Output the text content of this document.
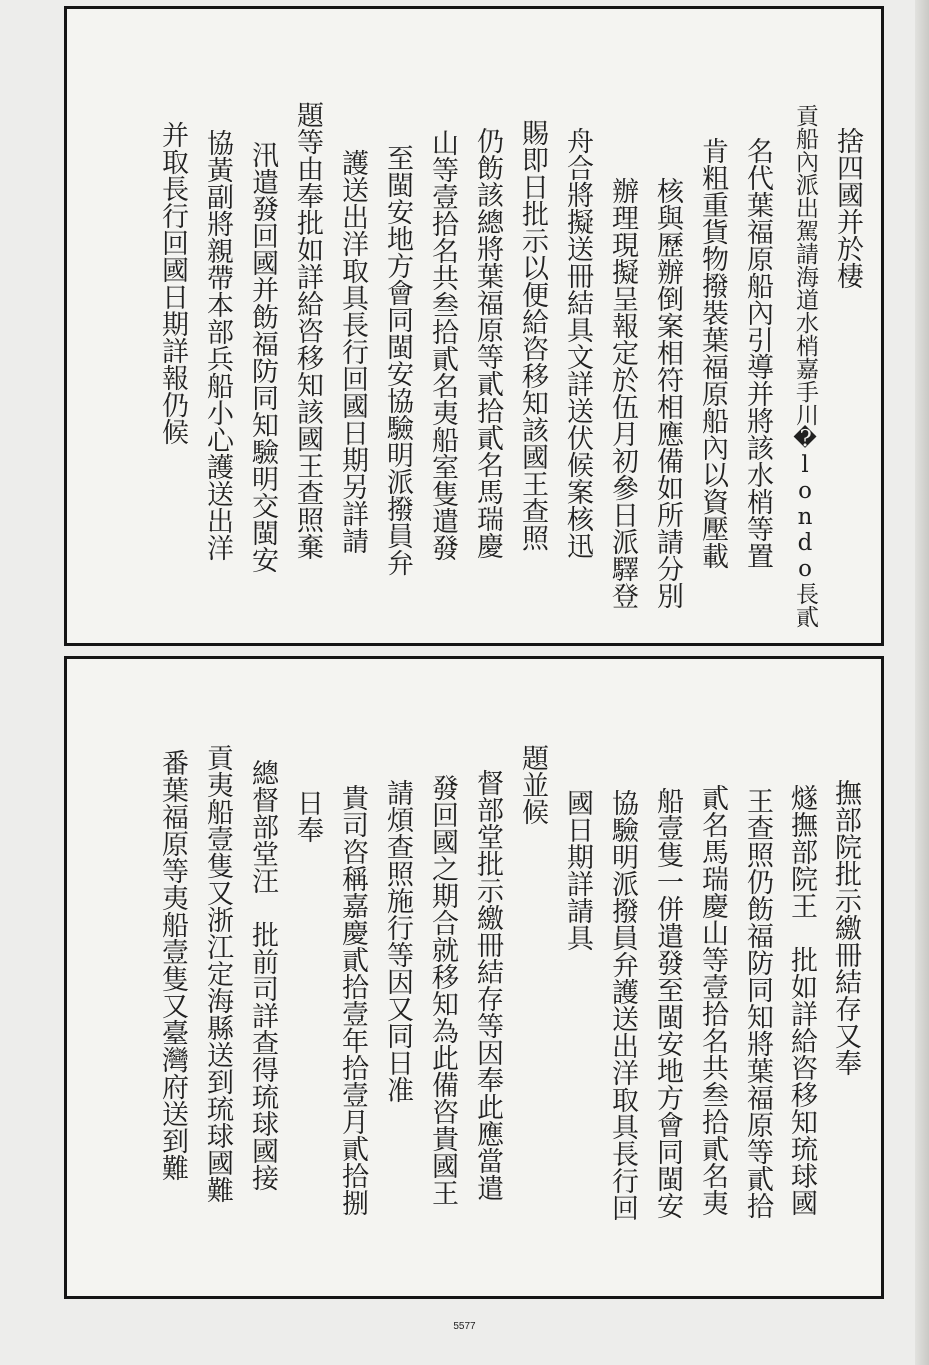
捨四國并於棲
貢船內派出駕請海道水梢嘉手川�londo長貳
名代葉福原船內引導并將該水梢等置
肯粗重貨物撥裝葉福原船內以資壓載
核與歷辦倒案相符相應備如所請分別
辦理現擬呈報定於伍月初參日派驛登
舟合將擬送冊結具文詳送伏候案核迅
賜即日批示以便給咨移知該國王查照
仍飭該總將葉福原等貳拾貳名馬瑞慶
山等壹拾名共叁拾貳名夷船室隻遣發
至閩安地方會同閩安協驗明派撥員弁
護送出洋取具長行回國日期另詳請
題等由奉批如詳給咨移知該國王查照棄
汛遣發回國并飭福防同知驗明交閩安
協黃副將親帶本部兵船小心護送出洋
并取長行回國日期詳報仍候
撫部院批示繳冊結存又奉
燧撫部院王　批如詳給咨移知琉球國
王查照仍飭福防同知將葉福原等貳拾
貳名馬瑞慶山等壹拾名共叁拾貳名夷
船壹隻一併遣發至閩安地方會同閩安
協驗明派撥員弁護送出洋取具長行回
國日期詳請具
題並候
督部堂批示繳冊結存等因奉此應當遣
發回國之期合就移知為此備咨貴國王
請煩查照施行等因又同日准
貴司咨稱嘉慶貳拾壹年拾壹月貳拾捌
日奉
總督部堂汪　批前司詳查得琉球國接
貢夷船壹隻又浙江定海縣送到琉球國難
番葉福原等夷船壹隻又臺灣府送到難
5577
